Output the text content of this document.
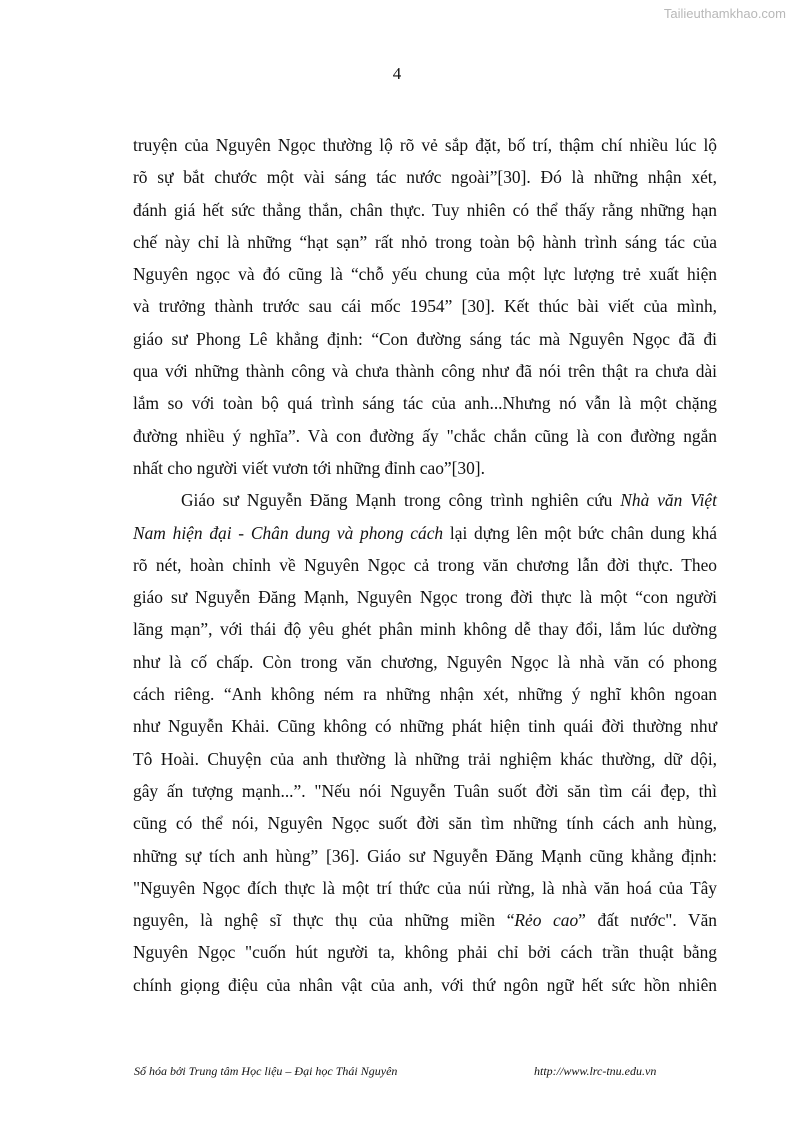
Tailieuthamkhao.com
4
truyện của Nguyên Ngọc thường lộ rõ vẻ sắp đặt, bố trí, thậm chí nhiều lúc lộ
rõ sự bắt chước một vài sáng tác nước ngoài”[30]. Đó là những nhận xét,
đánh giá hết sức thẳng thắn, chân thực. Tuy nhiên có thể thấy rằng những hạn
chế này chỉ là những “hạt sạn” rất nhỏ trong toàn bộ hành trình sáng tác của
Nguyên ngọc và đó cũng là “chỗ yếu chung của một lực lượng trẻ xuất hiện
và trưởng thành trước sau cái mốc 1954” [30]. Kết thúc bài viết của mình,
giáo sư Phong Lê khẳng định: “Con đường sáng tác mà Nguyên Ngọc đã đi
qua với những thành công và chưa thành công như đã nói trên thật ra chưa dài
lắm so với toàn bộ quá trình sáng tác của anh...Nhưng nó vẫn là một chặng
đường nhiều ý nghĩa”. Và con đường ấy "chắc chắn cũng là con đường ngắn
nhất cho người viết vươn tới những đỉnh cao”[30].
Giáo sư Nguyễn Đăng Mạnh trong công trình nghiên cứu Nhà văn Việt
Nam hiện đại - Chân dung và phong cách lại dựng lên một bức chân dung khá
rõ nét, hoàn chỉnh về Nguyên Ngọc cả trong văn chương lẫn đời thực. Theo
giáo sư Nguyễn Đăng Mạnh, Nguyên Ngọc trong đời thực là một “con người
lãng mạn”, với thái độ yêu ghét phân minh không dễ thay đổi, lắm lúc dường
như là cố chấp. Còn trong văn chương, Nguyên Ngọc là nhà văn có phong
cách riêng. “Anh không ném ra những nhận xét, những ý nghĩ khôn ngoan
như Nguyễn Khải. Cũng không có những phát hiện tinh quái đời thường như
Tô Hoài. Chuyện của anh thường là những trải nghiệm khác thường, dữ dội,
gây ấn tượng mạnh...”. "Nếu nói Nguyễn Tuân suốt đời săn tìm cái đẹp, thì
cũng có thể nói, Nguyên Ngọc suốt đời săn tìm những tính cách anh hùng,
những sự tích anh hùng” [36]. Giáo sư Nguyễn Đăng Mạnh cũng khẳng định:
"Nguyên Ngọc đích thực là một trí thức của núi rừng, là nhà văn hoá của Tây
nguyên, là nghệ sĩ thực thụ của những miền “Rẻo cao” đất nước". Văn
Nguyên Ngọc "cuốn hút người ta, không phải chỉ bởi cách trần thuật bằng
chính giọng điệu của nhân vật của anh, với thứ ngôn ngữ hết sức hồn nhiên
Số hóa bởi Trung tâm Học liệu – Đại học Thái Nguyên	http://www.lrc-tnu.edu.vn
